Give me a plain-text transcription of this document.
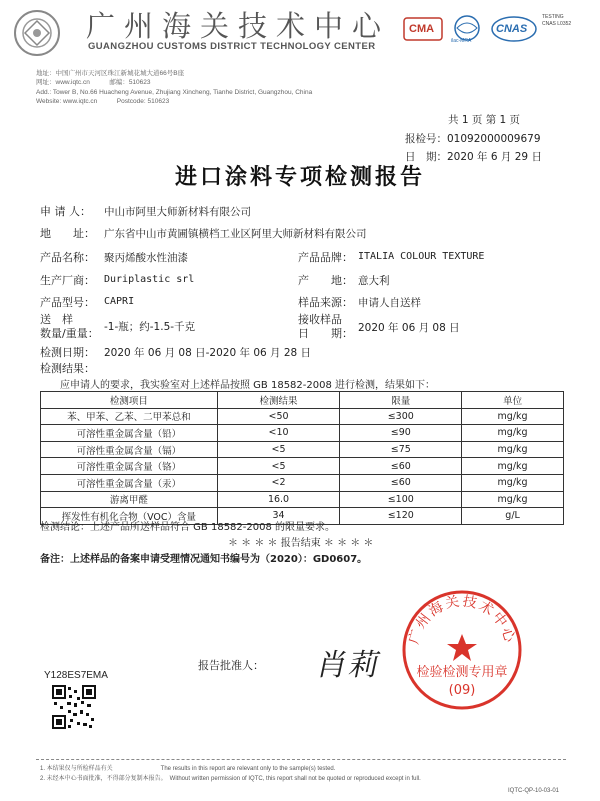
广州海关技术中心
GUANGZHOU CUSTOMS DISTRICT TECHNOLOGY CENTER
CMA
ilac-MRA
CNAS
TESTING
CNAS L0352
地址：中国广州市天河区珠江新城花城大道66号B座
网址：www.iqtc.cn　　　邮编：510623
Add.: Tower B, No.66 Huacheng Avenue, Zhujiang Xincheng, Tianhe District, Guangzhou, China
Website: www.iqtc.cn　　　Postcode: 510623
共 1 页 第 1 页
报检号：01092000009679
日　期：2020 年 6 月 29 日
进口涂料专项检测报告
申 请 人： 中山市阿里大师新材料有限公司
地　　址： 广东省中山市黄圃镇横档工业区阿里大师新材料有限公司
产品名称： 聚丙烯酸水性油漆	产品品牌： ITALIA COLOUR TEXTURE
生产厂商： Duriplastic srl	产　　地： 意大利
产品型号： CAPRI	样品来源： 申请人自送样
送　样
数量/重量： -1-瓶；约-1.5-千克
接收样品
日　　期： 2020 年 06 月 08 日
检测日期： 2020 年 06 月 08 日-2020 年 06 月 28 日
检测结果：
应申请人的要求，我实验室对上述样品按照 GB 18582-2008 进行检测，结果如下：
检测项目	检测结果	限量	单位
苯、甲苯、乙苯、二甲苯总和	<50	≤300	mg/kg
可溶性重金属含量（铅）	<10	≤90	mg/kg
可溶性重金属含量（镉）	<5	≤75	mg/kg
可溶性重金属含量（铬）	<5	≤60	mg/kg
可溶性重金属含量（汞）	<2	≤60	mg/kg
游离甲醛	16.0	≤100	mg/kg
挥发性有机化合物（VOC）含量	34	≤120	g/L
检测结论：上述产品所送样品符合 GB 18582-2008 的限量要求。
＊ ＊ ＊ ＊ 报告结束 ＊ ＊ ＊ ＊
备注：上述样品的备案申请受理情况通知书编号为（2020）：GD0607。
报告批准人： 肖莉
广州海关技术中心
检验检测专用章
(09)
Y128ES7EMA
1. 本结果仅与所检样品有关　　　　　　　　The results in this report are relevant only to the sample(s) tested.
2. 未经本中心书面批准，不得部分复制本报告。　Without written permission of IQTC, this report shall not be quoted or reproduced except in full.
IQTC-QP-10-03-01
